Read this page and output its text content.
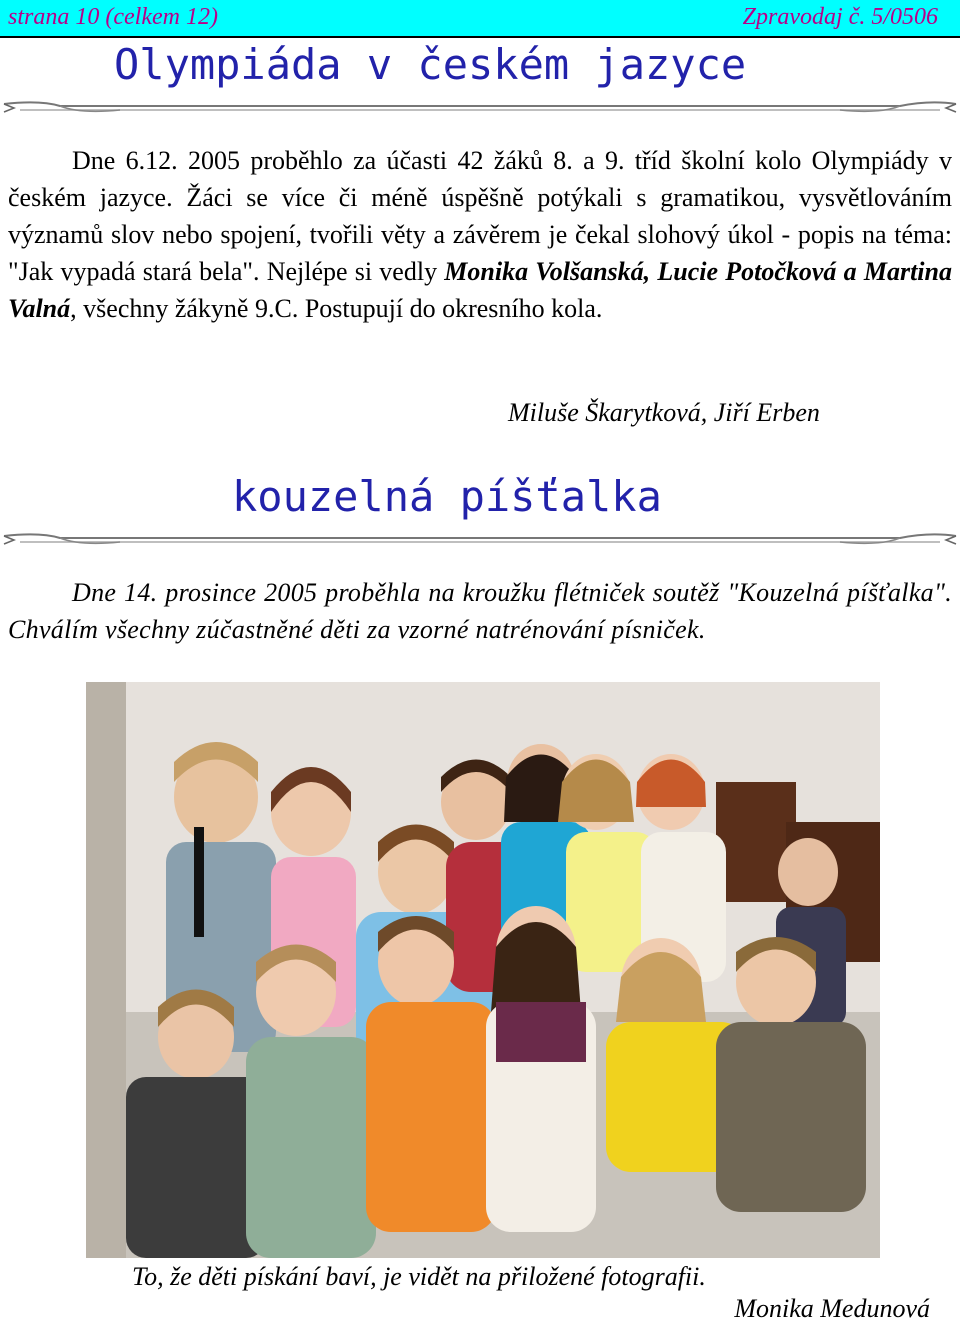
strana 10 (celkem 12)	Zpravodaj č. 5/0506
Olympiáda v českém jazyce
Dne 6.12. 2005 proběhlo za účasti 42 žáků 8. a 9. tříd školní kolo Olympiády v českém jazyce. Žáci se více či méně úspěšně potýkali s gramatikou, vysvětlováním významů slov nebo spojení, tvořili věty a závěrem je čekal slohový úkol - popis na téma: "Jak vypadá stará bela". Nejlépe si vedly Monika Volšanská, Lucie Potočková a Martina Valná, všechny žákyně 9.C. Postupují do okresního kola.
Miluše Škarytková, Jiří Erben
kouzelná píšťalka
Dne 14. prosince 2005 proběhla na kroužku flétniček soutěž "Kouzelná píšťalka". Chválím všechny zúčastněné děti za vzorné natrénování písniček.
To, že děti pískání baví, je vidět na přiložené fotografii.
Monika Medunová
